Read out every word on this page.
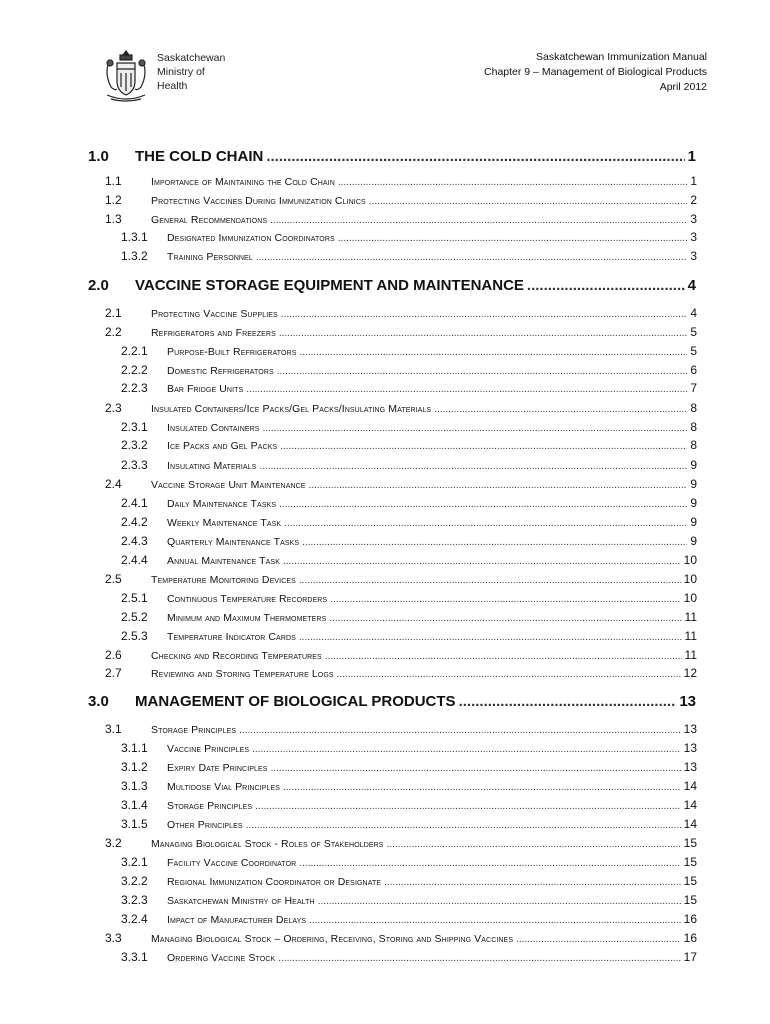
Saskatchewan
Ministry of
Health
Saskatchewan Immunization Manual
Chapter 9 – Management of Biological Products
April 2012
1.0 THE COLD CHAIN .....	1
1.1	Importance of Maintaining the Cold Chain .....	1
1.2	Protecting Vaccines During Immunization Clinics .....	2
1.3	General Recommendations .....	3
1.3.1 Designated Immunization Coordinators .....	3
1.3.2 Training Personnel .....	3
2.0 VACCINE STORAGE EQUIPMENT AND MAINTENANCE .....	4
2.1	Protecting Vaccine Supplies .....	4
2.2	Refrigerators and Freezers .....	5
2.2.1 Purpose-Built Refrigerators .....	5
2.2.2 Domestic Refrigerators .....	6
2.2.3 Bar Fridge Units .....	7
2.3	Insulated Containers/Ice Packs/Gel Packs/Insulating Materials .....	8
2.3.1 Insulated Containers .....	8
2.3.2 Ice Packs and Gel Packs .....	8
2.3.3 Insulating Materials .....	9
2.4	Vaccine Storage Unit Maintenance .....	9
2.4.1 Daily Maintenance Tasks .....	9
2.4.2 Weekly Maintenance Task .....	9
2.4.3 Quarterly Maintenance Tasks .....	9
2.4.4 Annual Maintenance Task .....	10
2.5	Temperature Monitoring Devices .....	10
2.5.1 Continuous Temperature Recorders .....	10
2.5.2 Minimum and Maximum Thermometers .....	11
2.5.3 Temperature Indicator Cards .....	11
2.6	Checking and Recording Temperatures .....	11
2.7	Reviewing and Storing Temperature Logs .....	12
3.0 MANAGEMENT OF BIOLOGICAL PRODUCTS .....	13
3.1	Storage Principles .....	13
3.1.1 Vaccine Principles .....	13
3.1.2 Expiry Date Principles .....	13
3.1.3 Multidose Vial Principles .....	14
3.1.4 Storage Principles .....	14
3.1.5 Other Principles .....	14
3.2	Managing Biological Stock - Roles of Stakeholders .....	15
3.2.1 Facility Vaccine Coordinator .....	15
3.2.2 Regional Immunization Coordinator or Designate .....	15
3.2.3 Saskatchewan Ministry of Health .....	15
3.2.4 Impact of Manufacturer Delays .....	16
3.3	Managing Biological Stock – Ordering, Receiving, Storing and Shipping Vaccines .....	16
3.3.1 Ordering Vaccine Stock .....	17
